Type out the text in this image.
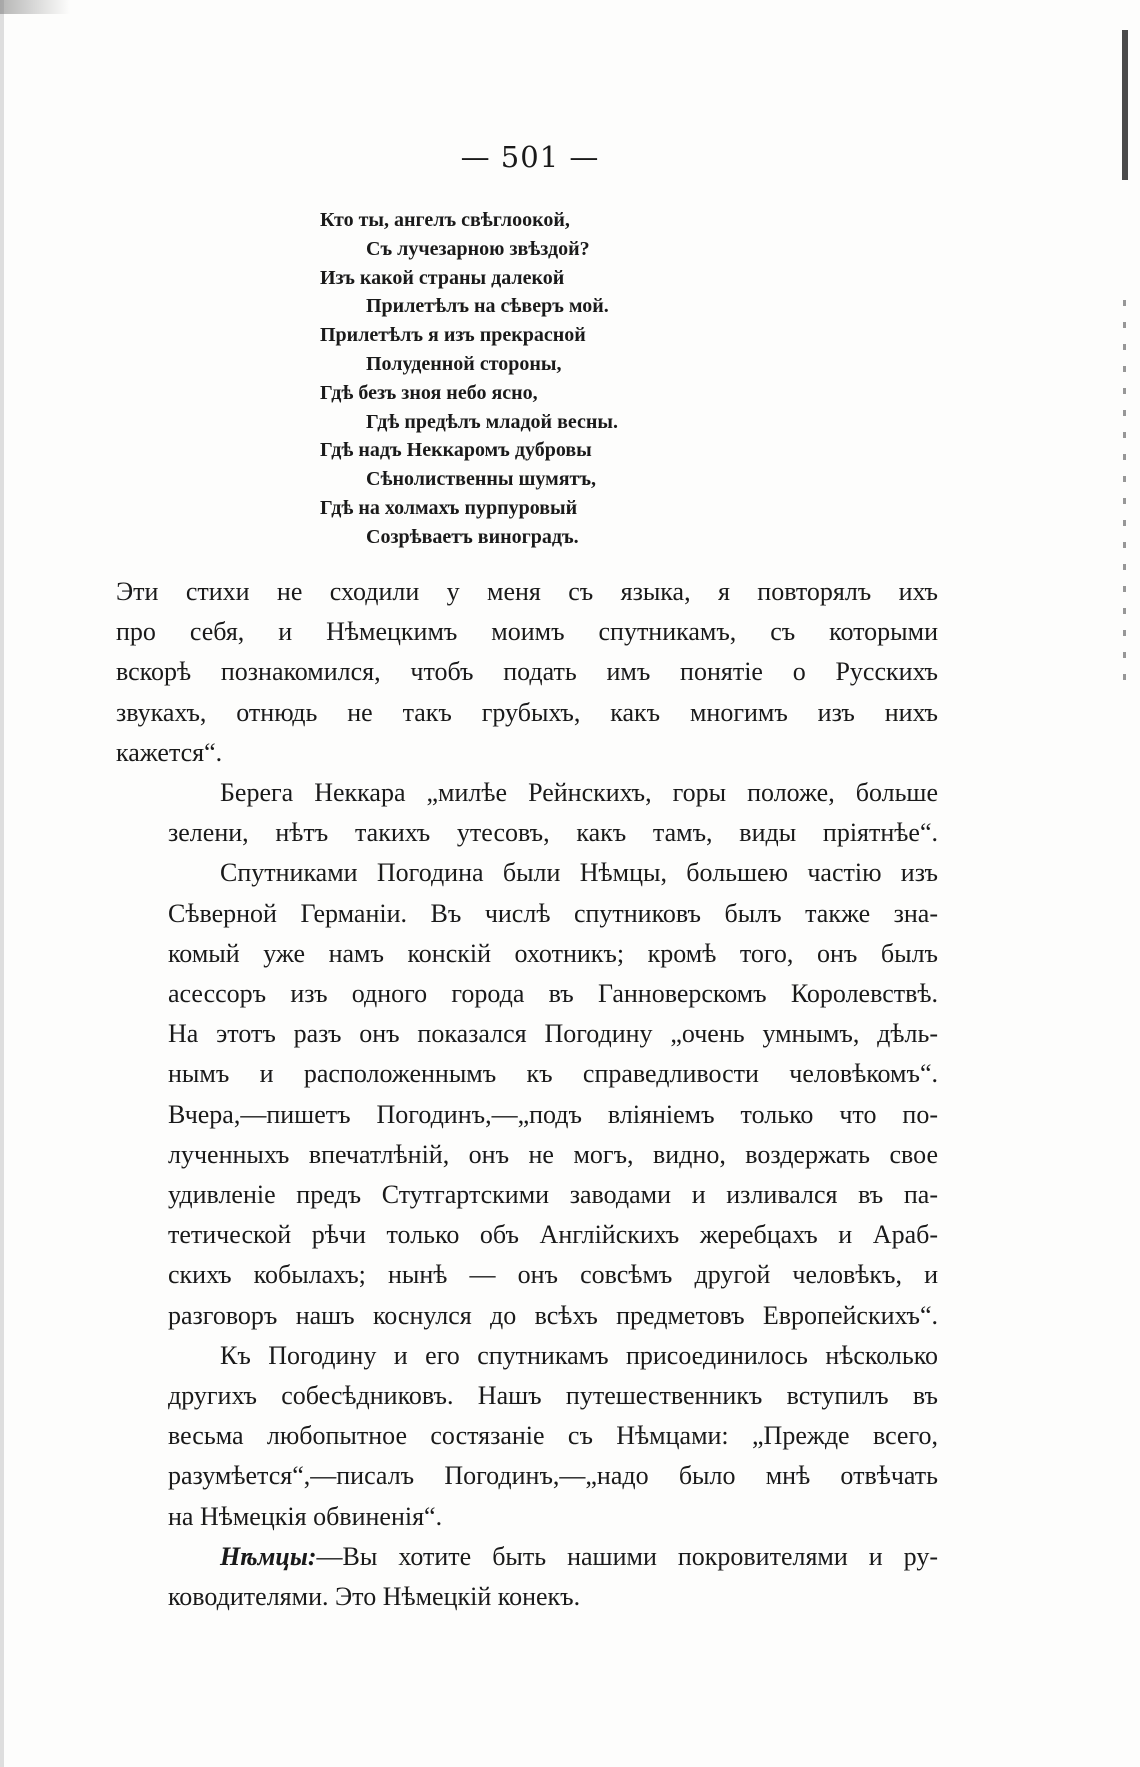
— 501 —
Кто ты, ангелъ свѣглоокой,
Съ лучезарною звѣздой?
Изъ какой страны далекой
Прилетѣлъ на сѣверъ мой.
Прилетѣлъ я изъ прекрасной
Полуденной стороны,
Гдѣ безъ зноя небо ясно,
Гдѣ предѣлъ младой весны.
Гдѣ надъ Неккаромъ дубровы
Сѣнолиственны шумятъ,
Гдѣ на холмахъ пурпуровый
Созрѣваетъ виноградъ.
Эти стихи не сходили у меня съ языка, я повторялъ ихъ
про себя, и Нѣмецкимъ моимъ спутникамъ, съ которыми
вскорѣ познакомился, чтобъ подать имъ понятіе о Русскихъ
звукахъ, отнюдь не такъ грубыхъ, какъ многимъ изъ нихъ
кажется“.
Берега Неккара „милѣе Рейнскихъ, горы положе, больше
зелени, нѣтъ такихъ утесовъ, какъ тамъ, виды пріятнѣе“.
Спутниками Погодина были Нѣмцы, большею частію изъ
Сѣверной Германіи. Въ числѣ спутниковъ былъ также зна-
комый уже намъ конскій охотникъ; кромѣ того, онъ былъ
асессоръ изъ одного города въ Ганноверскомъ Королевствѣ.
На этотъ разъ онъ показался Погодину „очень умнымъ, дѣль-
нымъ и расположеннымъ къ справедливости человѣкомъ“.
Вчера,—пишетъ Погодинъ,—„подъ вліяніемъ только что по-
лученныхъ впечатлѣній, онъ не могъ, видно, воздержать свое
удивленіе предъ Стутгартскими заводами и изливался въ па-
тетической рѣчи только объ Англійскихъ жеребцахъ и Араб-
скихъ кобылахъ; нынѣ — онъ совсѣмъ другой человѣкъ, и
разговоръ нашъ коснулся до всѣхъ предметовъ Европейскихъ“.
Къ Погодину и его спутникамъ присоединилось нѣсколько
другихъ собесѣдниковъ. Нашъ путешественникъ вступилъ въ
весьма любопытное состязаніе съ Нѣмцами: „Прежде всего,
разумѣется“,—писалъ Погодинъ,—„надо было мнѣ отвѣчать
на Нѣмецкія обвиненія“.
Нѣмцы:—Вы хотите быть нашими покровителями и ру-
ководителями. Это Нѣмецкій конекъ.
